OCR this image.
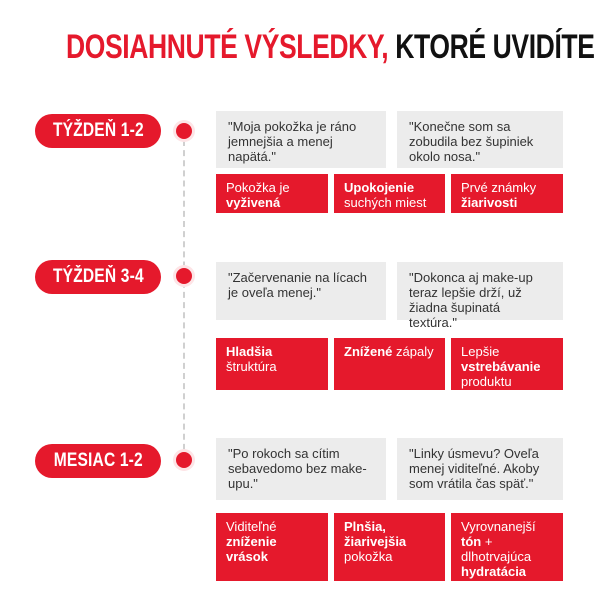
DOSIAHNUTÉ VÝSLEDKY, KTORÉ UVIDÍTE
TÝŽDEŇ 1-2	"Moja pokožka je ráno jemnejšia a menej napätá."
"Konečne som sa zobudila bez šupiniek okolo nosa."
Pokožka je vyživená
Upokojenie suchých miest
Prvé známky žiarivosti
TÝŽDEŇ 3-4	"Začervenanie na lícach je oveľa menej."
"Dokonca aj make-up teraz lepšie drží, už žiadna šupinatá textúra."
Hladšia štruktúra
Znížené zápaly	Lepšie vstrebávanie produktu
MESIAC 1-2	"Po rokoch sa cítim sebavedomo bez make-upu."
"Linky úsmevu? Oveľa menej viditeľné. Akoby som vrátila čas späť."
Viditeľné zníženie vrások
Plnšia, žiarivejšia pokožka
Vyrovnanejší tón + dlhotrvajúca hydratácia
